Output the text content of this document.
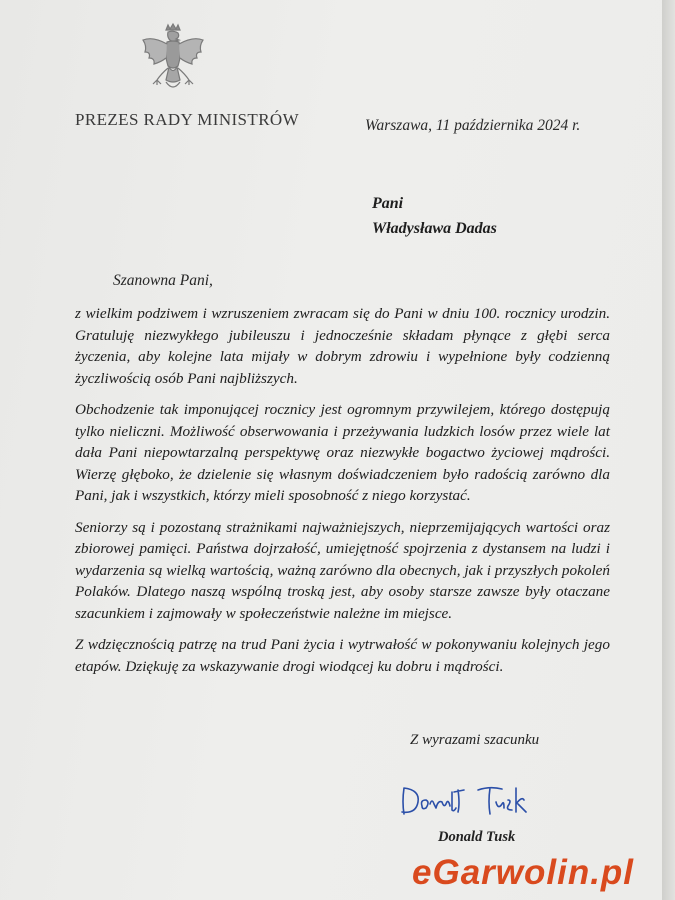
PREZES RADY MINISTRÓW	Warszawa, 11 października 2024 r.
Pani
Władysława Dadas
Szanowna Pani,

z wielkim podziwem i wzruszeniem zwracam się do Pani w dniu 100. rocznicy urodzin. Gratuluję niezwykłego jubileuszu i jednocześnie składam płynące z głębi serca życzenia, aby kolejne lata mijały w dobrym zdrowiu i wypełnione były codzienną życzliwością osób Pani najbliższych.

Obchodzenie tak imponującej rocznicy jest ogromnym przywilejem, którego dostępują tylko nieliczni. Możliwość obserwowania i przeżywania ludzkich losów przez wiele lat dała Pani niepowtarzalną perspektywę oraz niezwykłe bogactwo życiowej mądrości. Wierzę głęboko, że dzielenie się własnym doświadczeniem było radością zarówno dla Pani, jak i wszystkich, którzy mieli sposobność z niego korzystać.

Seniorzy są i pozostaną strażnikami najważniejszych, nieprzemijających wartości oraz zbiorowej pamięci. Państwa dojrzałość, umiejętność spojrzenia z dystansem na ludzi i wydarzenia są wielką wartością, ważną zarówno dla obecnych, jak i przyszłych pokoleń Polaków. Dlatego naszą wspólną troską jest, aby osoby starsze zawsze były otaczane szacunkiem i zajmowały w społeczeństwie należne im miejsce.

Z wdzięcznością patrzę na trud Pani życia i wytrwałość w pokonywaniu kolejnych jego etapów. Dziękuję za wskazywanie drogi wiodącej ku dobru i mądrości.

Z wyrazami szacunku
Donald Tusk
Donald Tusk
eGarwolin.pl
